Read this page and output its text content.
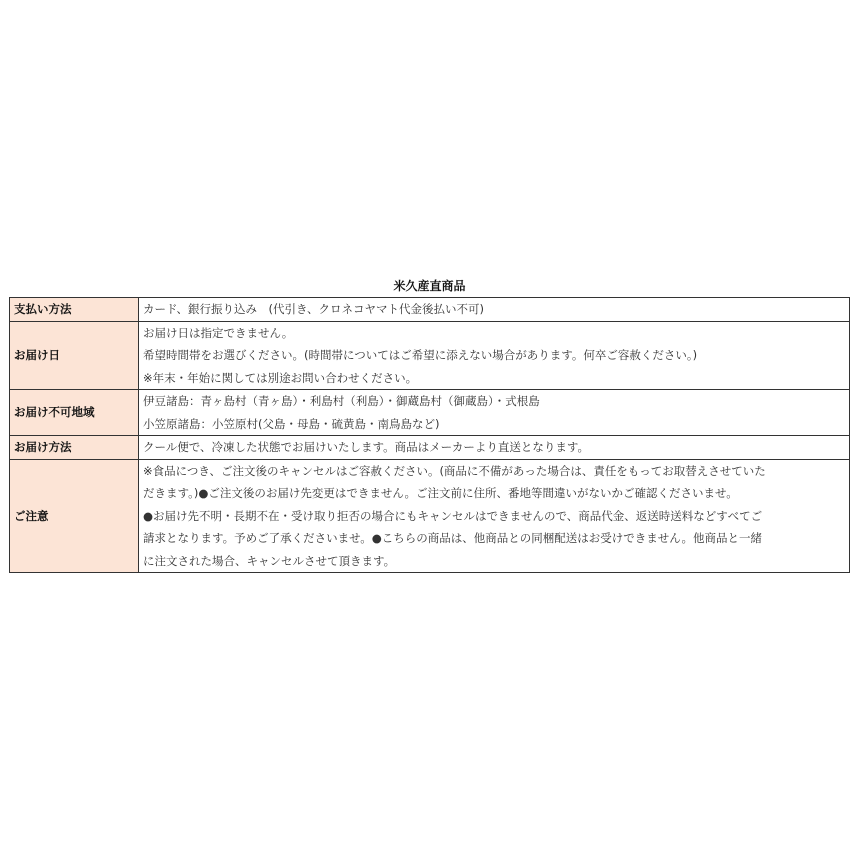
米久産直商品
支払い方法	カード、銀行振り込み　(代引き、クロネコヤマト代金後払い不可)

お届け日	お届け日は指定できません。
希望時間帯をお選びください。(時間帯についてはご希望に添えない場合があります。何卒ご容赦ください。)
※年末・年始に関しては別途お問い合わせください。

お届け不可地域	伊豆諸島：青ヶ島村（青ヶ島）・利島村（利島）・御蔵島村（御蔵島）・式根島
小笠原諸島：小笠原村(父島・母島・硫黄島・南鳥島など)

お届け方法	クール便で、冷凍した状態でお届けいたします。商品はメーカーより直送となります。

ご注意	※食品につき、ご注文後のキャンセルはご容赦ください。(商品に不備があった場合は、責任をもってお取替えさせていた
だきます。)●ご注文後のお届け先変更はできません。ご注文前に住所、番地等間違いがないかご確認くださいませ。
●お届け先不明・長期不在・受け取り拒否の場合にもキャンセルはできませんので、商品代金、返送時送料などすべてご
請求となります。予めご了承くださいませ。●こちらの商品は、他商品との同梱配送はお受けできません。他商品と一緒
に注文された場合、キャンセルさせて頂きます。
